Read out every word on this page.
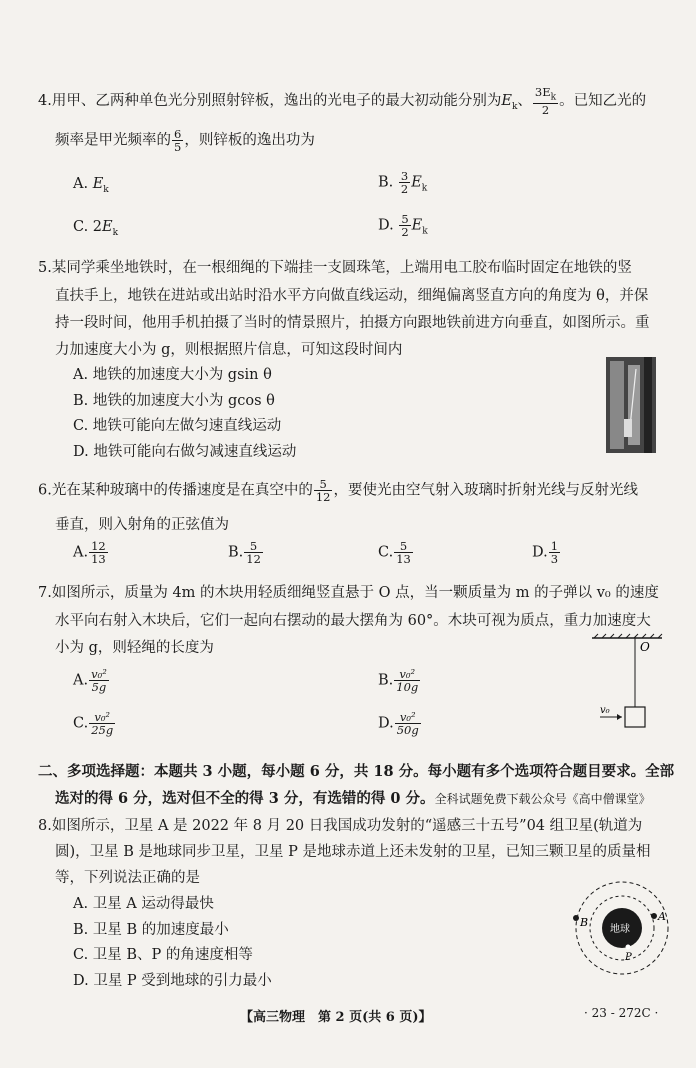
4.用甲、乙两种单色光分别照射锌板，逸出的光电子的最大初动能分别为$E_k$、 $\frac{3E_k}{2}$ 。已知乙光的
频率是甲光频率的 $\frac{6}{5}$ ，则锌板的逸出功为
A. $E_k$	B. $\frac{3}{2} E_k$
C. $2E_k$	D. $\frac{5}{2} E_k$
5.某同学乘坐地铁时，在一根细绳的下端挂一支圆珠笔，上端用电工胶布临时固定在地铁的竖
直扶手上，地铁在进站或出站时沿水平方向做直线运动，细绳偏离竖直方向的角度为 θ，并保
持一段时间，他用手机拍摄了当时的情景照片，拍摄方向跟地铁前进方向垂直，如图所示。重
力加速度大小为 g，则根据照片信息，可知这段时间内
A. 地铁的加速度大小为 gsin θ
B. 地铁的加速度大小为 gcos θ
C. 地铁可能向左做匀速直线运动
D. 地铁可能向右做匀减速直线运动
6.光在某种玻璃中的传播速度是在真空中的 $\frac{5}{12}$ ，要使光由空气射入玻璃时折射光线与反射光线
垂直，则入射角的正弦值为
A. $\frac{12}{13}$	B. $\frac{5}{12}$	C. $\frac{5}{13}$	D. $\frac{1}{3}$
7.如图所示，质量为 4m 的木块用轻质细绳竖直悬于 O 点，当一颗质量为 m 的子弹以 v₀ 的速度
水平向右射入木块后，它们一起向右摆动的最大摆角为 60°。木块可视为质点，重力加速度大
小为 g，则轻绳的长度为
A. $\frac{\text{v₀²}}{5g}$	B. $\frac{\text{v₀²}}{10g}$
C. $\frac{\text{v₀²}}{25g}$	D. $\frac{\text{v₀²}}{50g}$
O
v₀
二、多项选择题：本题共 3 小题，每小题 6 分，共 18 分。每小题有多个选项符合题目要求。全部
选对的得 6 分，选对但不全的得 3 分，有选错的得 0 分。全科试题免费下载公众号《高中僧课堂》
8.如图所示，卫星 A 是 2022 年 8 月 20 日我国成功发射的“遥感三十五号”04 组卫星(轨道为
圆)，卫星 B 是地球同步卫星，卫星 P 是地球赤道上还未发射的卫星，已知三颗卫星的质量相
等，下列说法正确的是
A. 卫星 A 运动得最快
B. 卫星 B 的加速度最小
C. 卫星 B、P 的角速度相等
D. 卫星 P 受到地球的引力最小
A
B
P
地球
【高三物理　第 2 页(共 6 页)】	· 23 - 272C ·
